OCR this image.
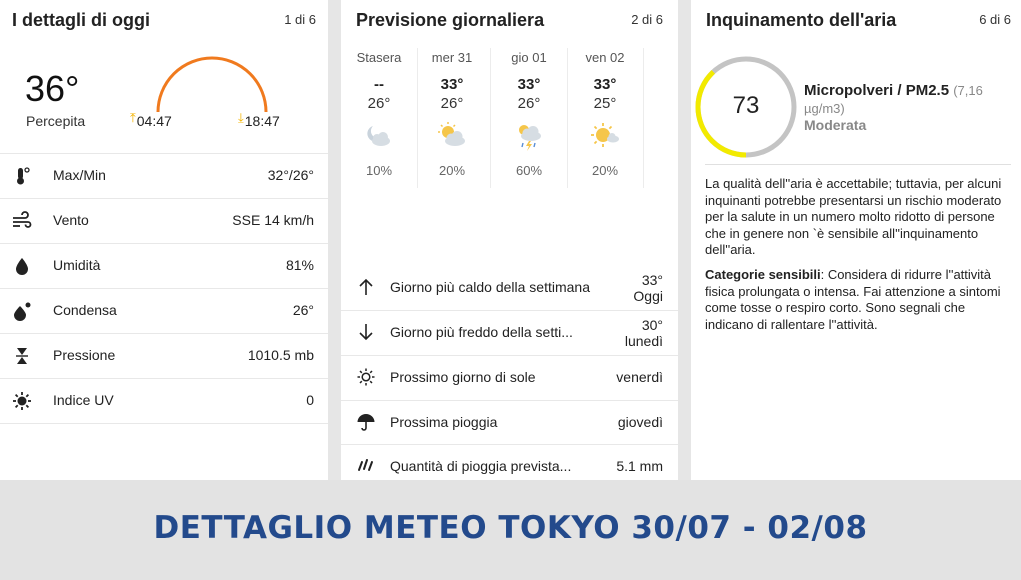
I dettagli di oggi	1 di 6
36°
Percepita	⤒04:47	⤓18:47
Max/Min	32°/26°
Vento	SSE 14 km/h
Umidità	81%
Condensa	26°
Pressione	1010.5 mb
Indice UV	0
Previsione giornaliera	2 di 6
Stasera
--
26°
10%
mer 31
33°
26°
20%
gio 01
33°
26°
60%
ven 02
33°
25°
20%
Giorno più caldo della settimana	33°
Oggi
Giorno più freddo della setti...	30°
lunedì
Prossimo giorno di sole	venerdì
Prossima pioggia	giovedì
Quantità di pioggia prevista...	5.1 mm
Inquinamento dell'aria	6 di 6
73
Micropolveri / PM2.5 (7,16 µg/m3)
Moderata
La qualità dell''aria è accettabile; tuttavia, per alcuni inquinanti potrebbe presentarsi un rischio moderato per la salute in un numero molto ridotto di persone che in genere non `è sensibile all''inquinamento dell''aria.
Categorie sensibili: Considera di ridurre l''attività fisica prolungata o intensa. Fai attenzione a sintomi come tosse o respiro corto. Sono segnali che indicano di rallentare l''attività.
DETTAGLIO METEO TOKYO 30/07 - 02/08
